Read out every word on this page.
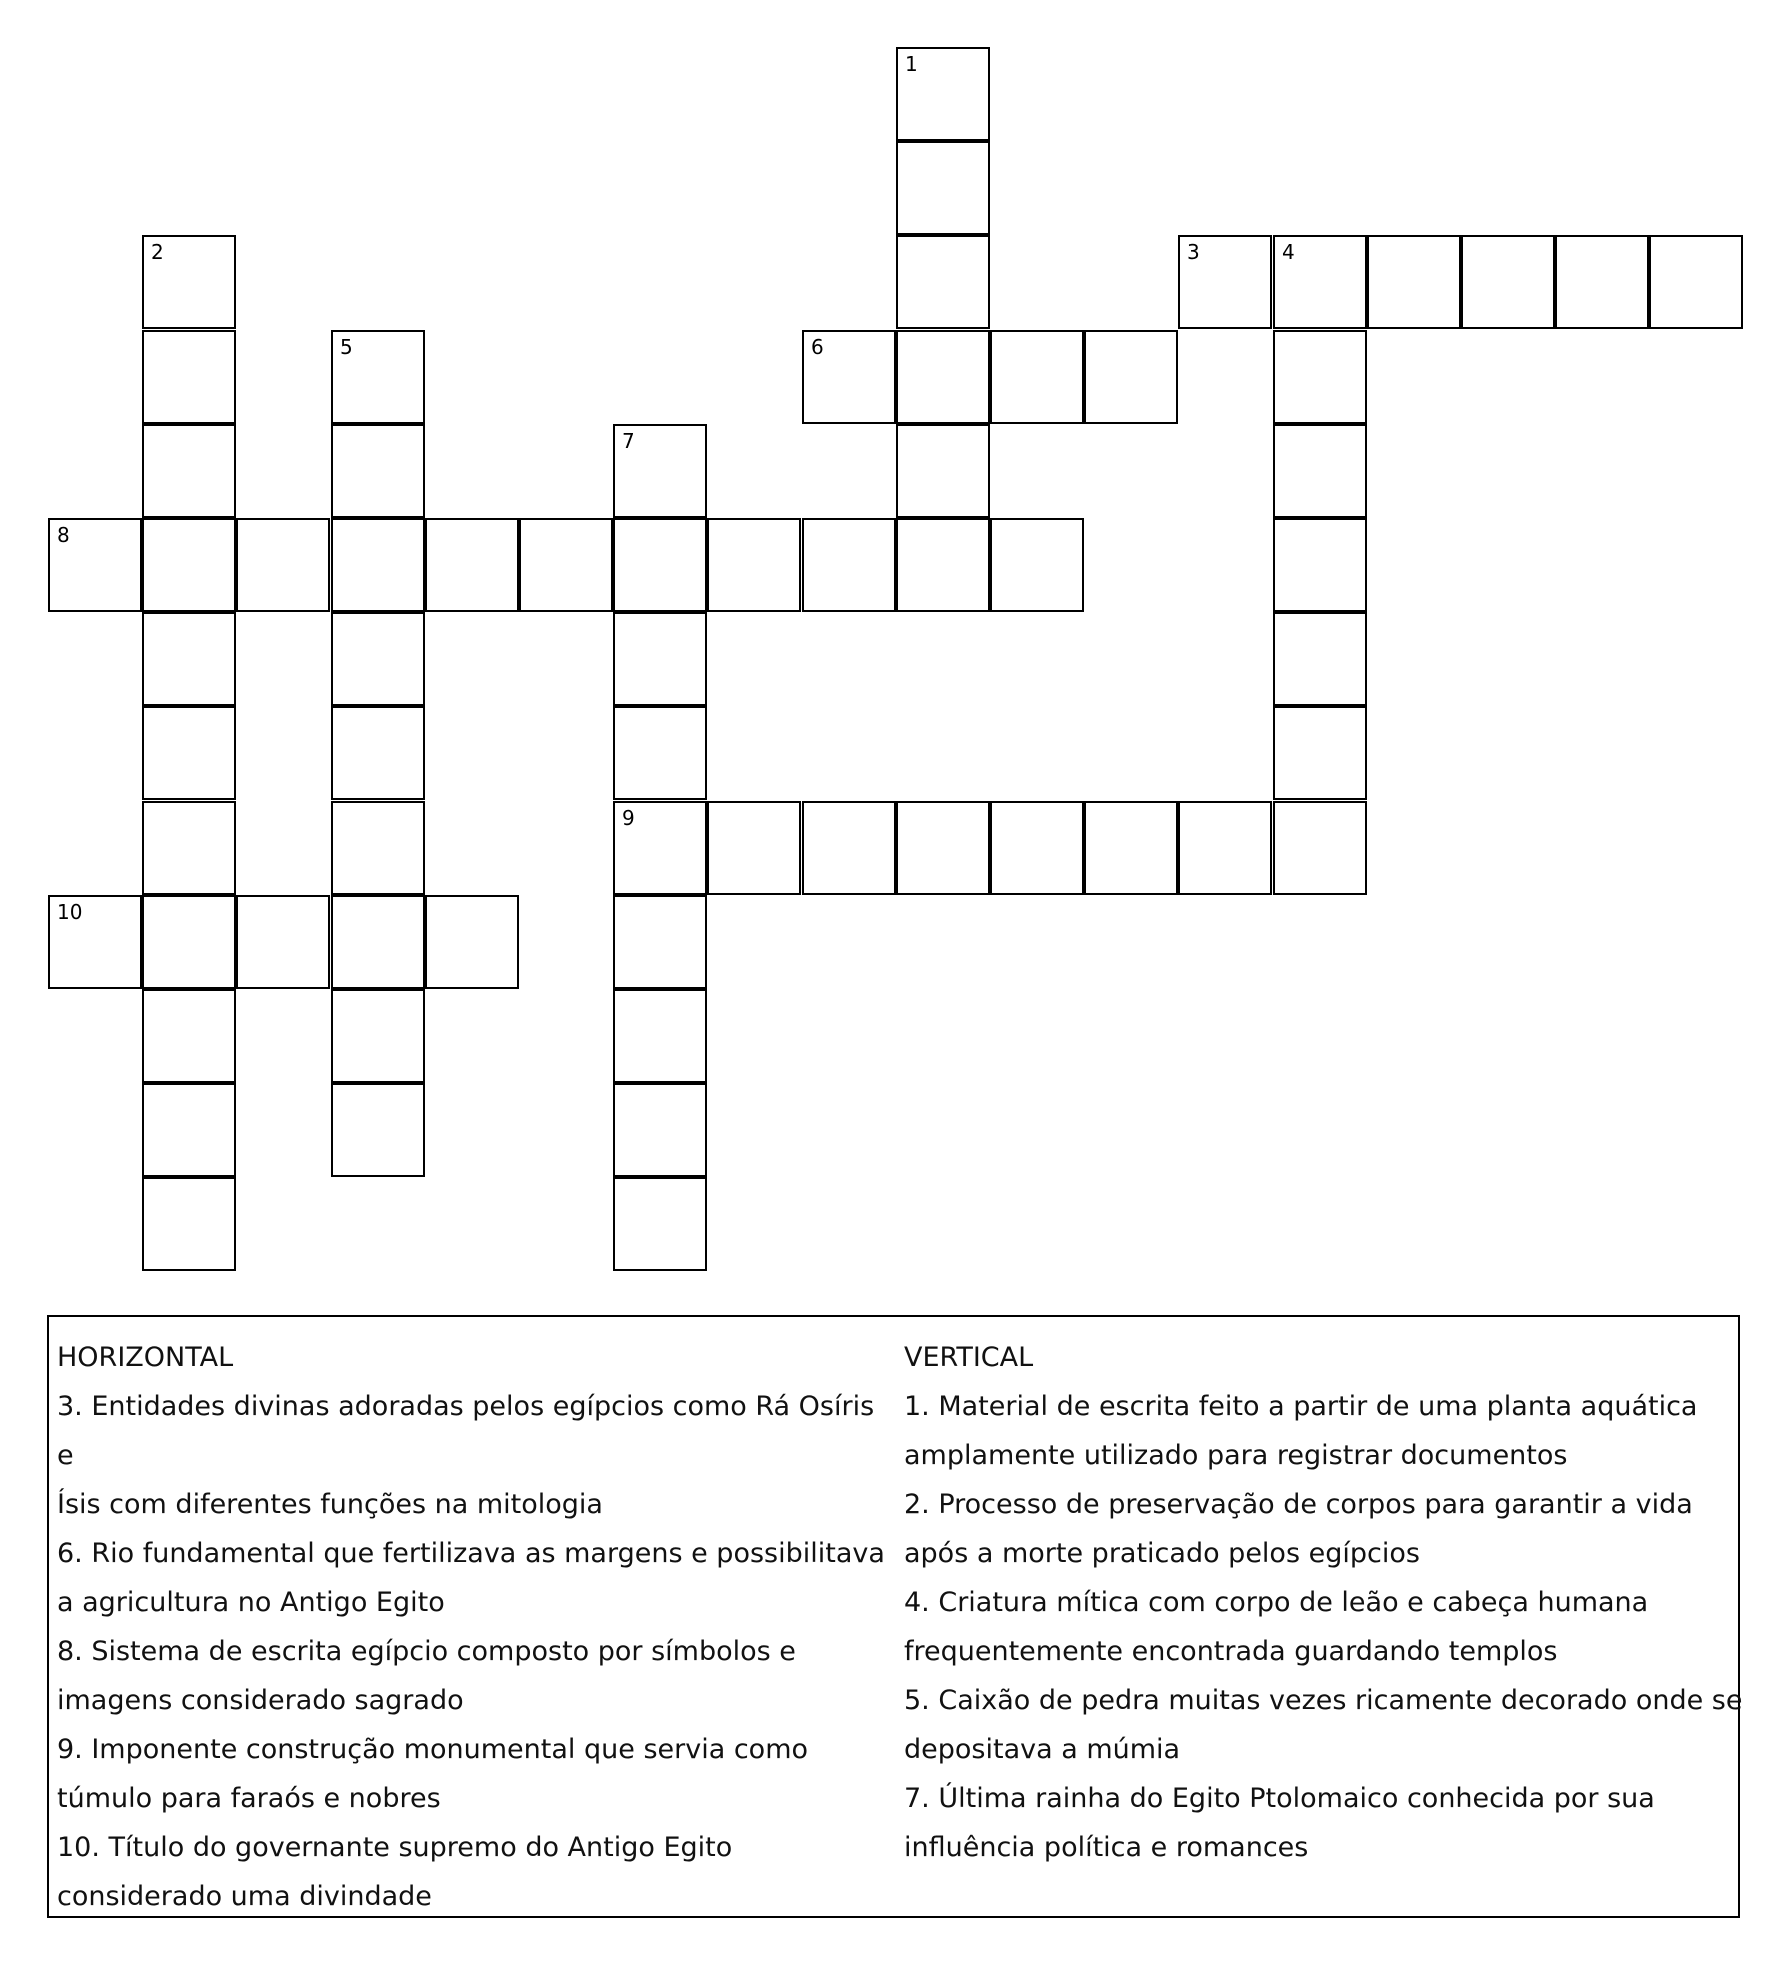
1
2	3	4
5	6
7
8
9
10
HORIZONTAL
3. Entidades divinas adoradas pelos egípcios como Rá Osíris e
Ísis com diferentes funções na mitologia
6. Rio fundamental que fertilizava as margens e possibilitava
a agricultura no Antigo Egito
8. Sistema de escrita egípcio composto por símbolos e
imagens considerado sagrado
9. Imponente construção monumental que servia como
túmulo para faraós e nobres
10. Título do governante supremo do Antigo Egito
considerado uma divindade
VERTICAL
1. Material de escrita feito a partir de uma planta aquática
amplamente utilizado para registrar documentos
2. Processo de preservação de corpos para garantir a vida
após a morte praticado pelos egípcios
4. Criatura mítica com corpo de leão e cabeça humana
frequentemente encontrada guardando templos
5. Caixão de pedra muitas vezes ricamente decorado onde se
depositava a múmia
7. Última rainha do Egito Ptolomaico conhecida por sua
influência política e romances
